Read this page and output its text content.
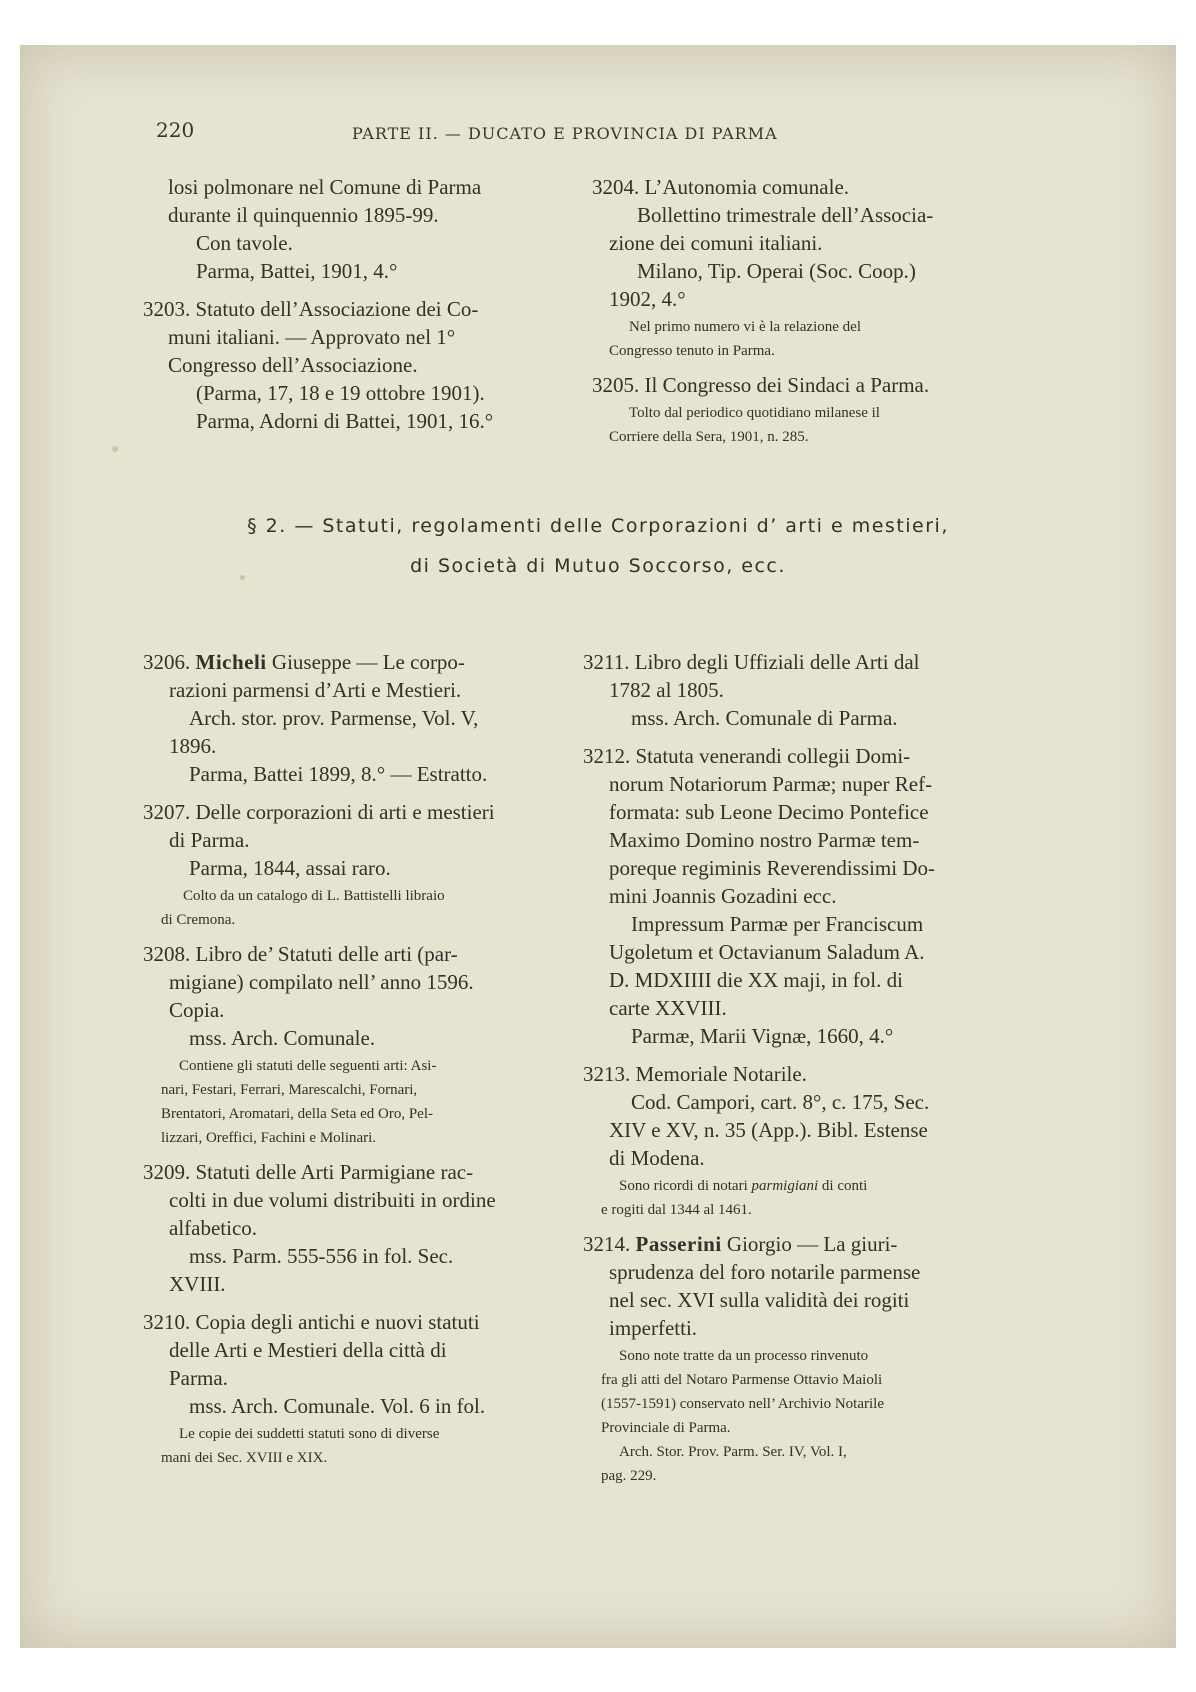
220	PARTE II. — DUCATO E PROVINCIA DI PARMA
losi polmonare nel Comune di Parma
durante il quinquennio 1895-99.
Con tavole.
Parma, Battei, 1901, 4.°
3203. Statuto dell’Associazione dei Co-
muni italiani. — Approvato nel 1°
Congresso dell’Associazione.
(Parma, 17, 18 e 19 ottobre 1901).
Parma, Adorni di Battei, 1901, 16.°
3204. L’Autonomia comunale.
Bollettino trimestrale dell’Associa-
zione dei comuni italiani.
Milano, Tip. Operai (Soc. Coop.)
1902, 4.°
Nel primo numero vi è la relazione del
Congresso tenuto in Parma.
3205. Il Congresso dei Sindaci a Parma.
Tolto dal periodico quotidiano milanese il
Corriere della Sera, 1901, n. 285.
§ 2. — Statuti, regolamenti delle Corporazioni d’ arti e mestieri,
di Società di Mutuo Soccorso, ecc.
3206. Micheli Giuseppe — Le corpo-
razioni parmensi d’Arti e Mestieri.
Arch. stor. prov. Parmense, Vol. V,
1896.
Parma, Battei 1899, 8.° — Estratto.
3207. Delle corporazioni di arti e mestieri
di Parma.
Parma, 1844, assai raro.
Colto da un catalogo di L. Battistelli libraio
di Cremona.
3208. Libro de’ Statuti delle arti (par-
migiane) compilato nell’ anno 1596.
Copia.
mss. Arch. Comunale.
Contiene gli statuti delle seguenti arti: Asi-
nari, Festari, Ferrari, Marescalchi, Fornari,
Brentatori, Aromatari, della Seta ed Oro, Pel-
lizzari, Oreffici, Fachini e Molinari.
3209. Statuti delle Arti Parmigiane rac-
colti in due volumi distribuiti in ordine
alfabetico.
mss. Parm. 555-556 in fol. Sec.
XVIII.
3210. Copia degli antichi e nuovi statuti
delle Arti e Mestieri della città di
Parma.
mss. Arch. Comunale. Vol. 6 in fol.
Le copie dei suddetti statuti sono di diverse
mani dei Sec. XVIII e XIX.
3211. Libro degli Uffiziali delle Arti dal
1782 al 1805.
mss. Arch. Comunale di Parma.
3212. Statuta venerandi collegii Domi-
norum Notariorum Parmæ; nuper Ref-
formata: sub Leone Decimo Pontefice
Maximo Domino nostro Parmæ tem-
poreque regiminis Reverendissimi Do-
mini Joannis Gozadini ecc.
Impressum Parmæ per Franciscum
Ugoletum et Octavianum Saladum A.
D. MDXIIII die XX maji, in fol. di
carte XXVIII.
Parmæ, Marii Vignæ, 1660, 4.°
3213. Memoriale Notarile.
Cod. Campori, cart. 8°, c. 175, Sec.
XIV e XV, n. 35 (App.). Bibl. Estense
di Modena.
Sono ricordi di notari parmigiani di conti
e rogiti dal 1344 al 1461.
3214. Passerini Giorgio — La giuri-
sprudenza del foro notarile parmense
nel sec. XVI sulla validità dei rogiti
imperfetti.
Sono note tratte da un processo rinvenuto
fra gli atti del Notaro Parmense Ottavio Maioli
(1557-1591) conservato nell’ Archivio Notarile
Provinciale di Parma.
Arch. Stor. Prov. Parm. Ser. IV, Vol. I,
pag. 229.
